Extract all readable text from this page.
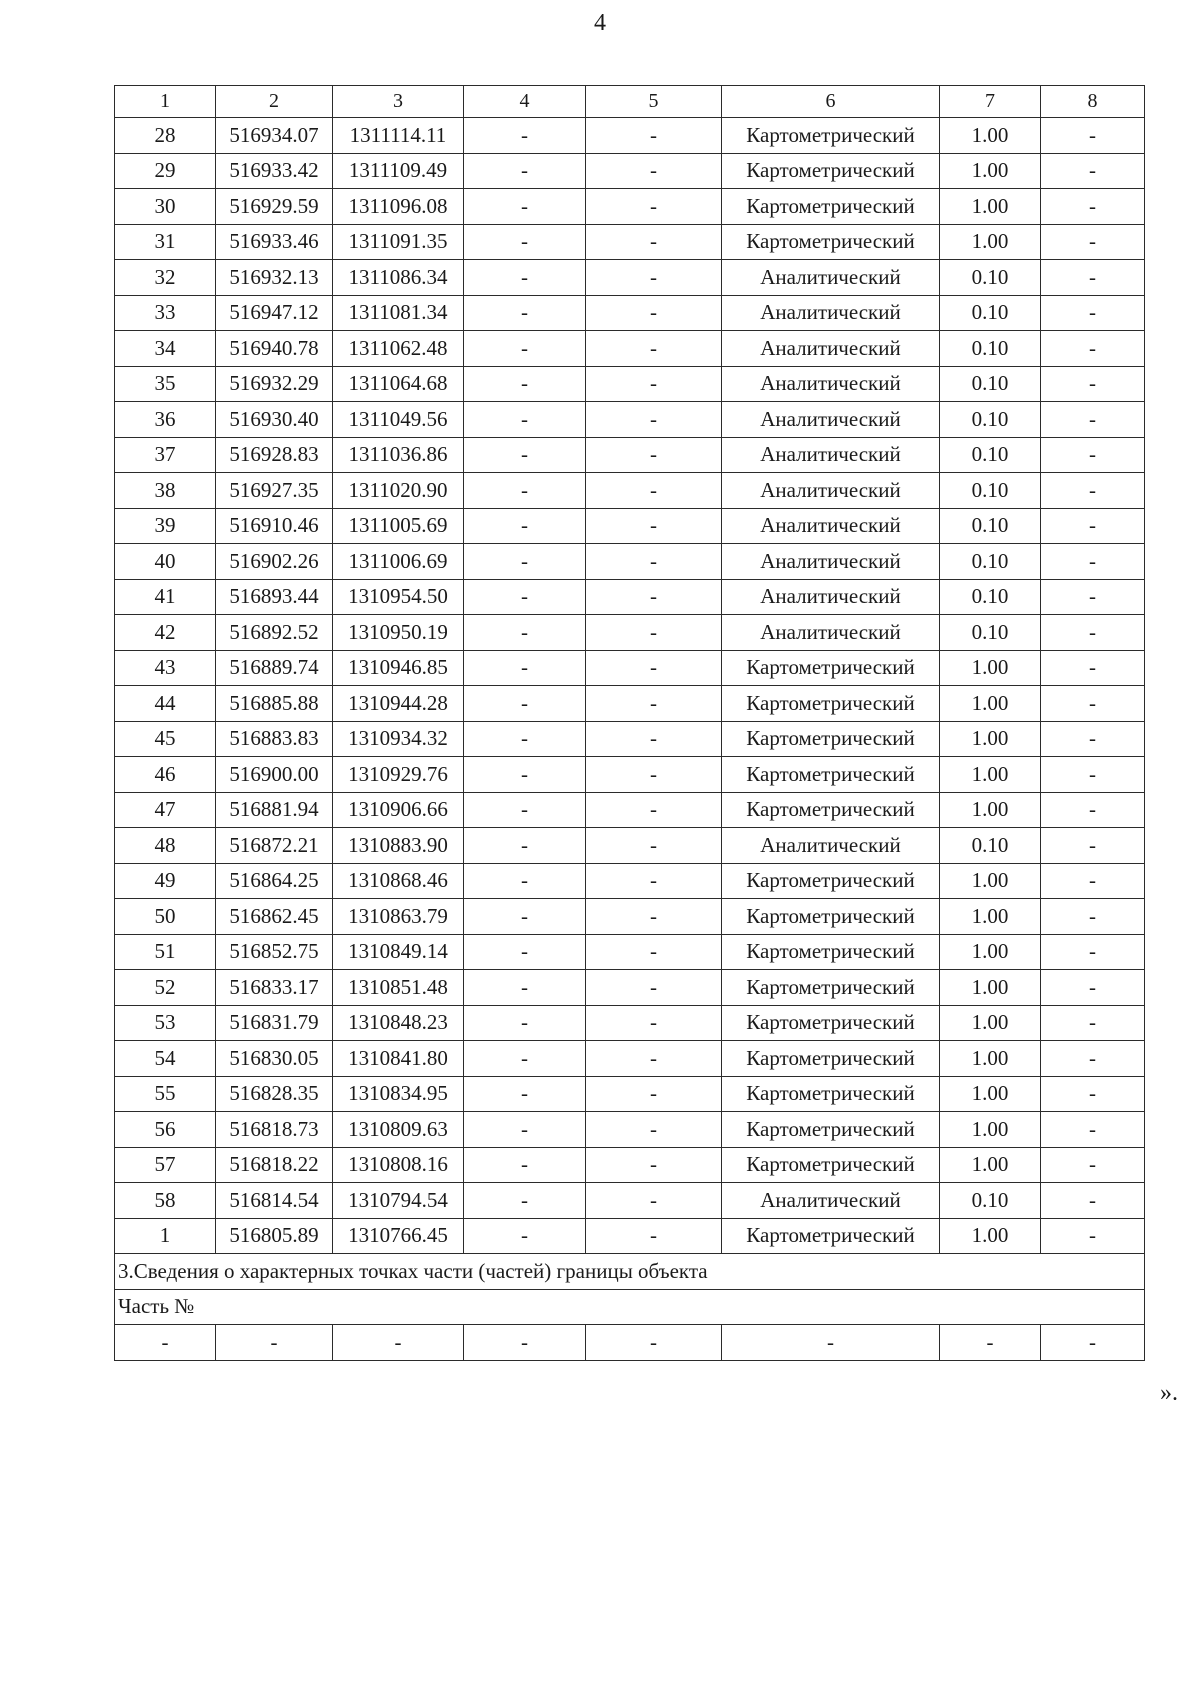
4
1	2	3	4	5	6	7	8
28	516934.07	1311114.11	-	-	Картометрический	1.00	-
29	516933.42	1311109.49	-	-	Картометрический	1.00	-
30	516929.59	1311096.08	-	-	Картометрический	1.00	-
31	516933.46	1311091.35	-	-	Картометрический	1.00	-
32	516932.13	1311086.34	-	-	Аналитический	0.10	-
33	516947.12	1311081.34	-	-	Аналитический	0.10	-
34	516940.78	1311062.48	-	-	Аналитический	0.10	-
35	516932.29	1311064.68	-	-	Аналитический	0.10	-
36	516930.40	1311049.56	-	-	Аналитический	0.10	-
37	516928.83	1311036.86	-	-	Аналитический	0.10	-
38	516927.35	1311020.90	-	-	Аналитический	0.10	-
39	516910.46	1311005.69	-	-	Аналитический	0.10	-
40	516902.26	1311006.69	-	-	Аналитический	0.10	-
41	516893.44	1310954.50	-	-	Аналитический	0.10	-
42	516892.52	1310950.19	-	-	Аналитический	0.10	-
43	516889.74	1310946.85	-	-	Картометрический	1.00	-
44	516885.88	1310944.28	-	-	Картометрический	1.00	-
45	516883.83	1310934.32	-	-	Картометрический	1.00	-
46	516900.00	1310929.76	-	-	Картометрический	1.00	-
47	516881.94	1310906.66	-	-	Картометрический	1.00	-
48	516872.21	1310883.90	-	-	Аналитический	0.10	-
49	516864.25	1310868.46	-	-	Картометрический	1.00	-
50	516862.45	1310863.79	-	-	Картометрический	1.00	-
51	516852.75	1310849.14	-	-	Картометрический	1.00	-
52	516833.17	1310851.48	-	-	Картометрический	1.00	-
53	516831.79	1310848.23	-	-	Картометрический	1.00	-
54	516830.05	1310841.80	-	-	Картометрический	1.00	-
55	516828.35	1310834.95	-	-	Картометрический	1.00	-
56	516818.73	1310809.63	-	-	Картометрический	1.00	-
57	516818.22	1310808.16	-	-	Картометрический	1.00	-
58	516814.54	1310794.54	-	-	Аналитический	0.10	-
1	516805.89	1310766.45	-	-	Картометрический	1.00	-
3.Сведения о характерных точках части (частей) границы объекта							
Часть №							
-	-	-	-	-	-	-	-
».
